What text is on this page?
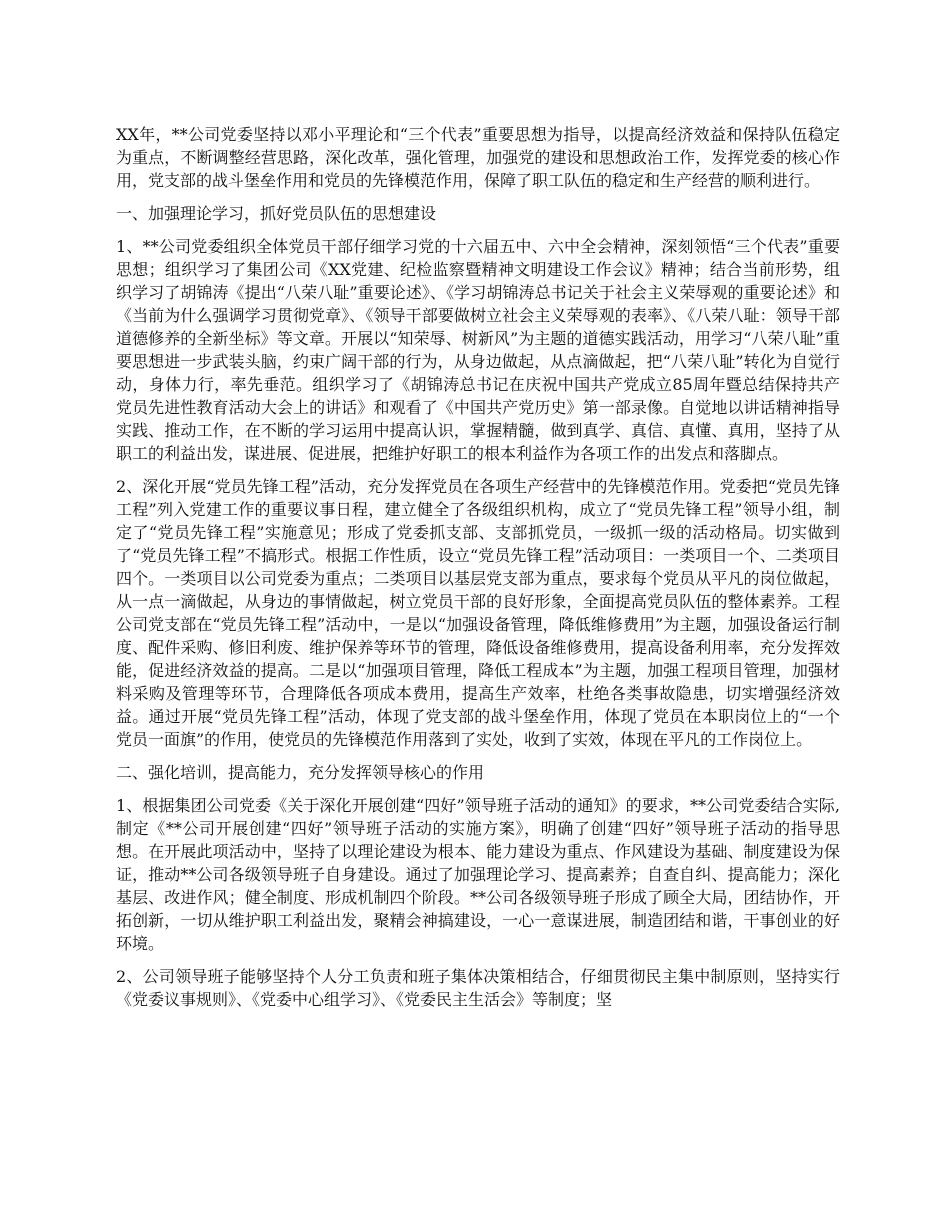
XX年，**公司党委坚持以邓小平理论和“三个代表”重要思想为指导，以提高经济效益和保持队伍稳定为重点，不断调整经营思路，深化改革，强化管理，加强党的建设和思想政治工作，发挥党委的核心作用，党支部的战斗堡垒作用和党员的先锋模范作用，保障了职工队伍的稳定和生产经营的顺利进行。

一、加强理论学习，抓好党员队伍的思想建设

1、**公司党委组织全体党员干部仔细学习党的十六届五中、六中全会精神，深刻领悟“三个代表”重要思想；组织学习了集团公司《XX党建、纪检监察暨精神文明建设工作会议》精神；结合当前形势，组织学习了胡锦涛《提出“八荣八耻”重要论述》、《学习胡锦涛总书记关于社会主义荣辱观的重要论述》和《当前为什么强调学习贯彻党章》、《领导干部要做树立社会主义荣辱观的表率》、《八荣八耻：领导干部道德修养的全新坐标》等文章。开展以“知荣辱、树新风”为主题的道德实践活动，用学习“八荣八耻”重要思想进一步武装头脑，约束广阔干部的行为，从身边做起，从点滴做起，把“八荣八耻”转化为自觉行动，身体力行，率先垂范。组织学习了《胡锦涛总书记在庆祝中国共产党成立85周年暨总结保持共产党员先进性教育活动大会上的讲话》和观看了《中国共产党历史》第一部录像。自觉地以讲话精神指导实践、推动工作，在不断的学习运用中提高认识，掌握精髓，做到真学、真信、真懂、真用，坚持了从职工的利益出发，谋进展、促进展，把维护好职工的根本利益作为各项工作的出发点和落脚点。

2、深化开展“党员先锋工程”活动，充分发挥党员在各项生产经营中的先锋模范作用。党委把“党员先锋工程”列入党建工作的重要议事日程，建立健全了各级组织机构，成立了“党员先锋工程”领导小组，制定了“党员先锋工程”实施意见；形成了党委抓支部、支部抓党员，一级抓一级的活动格局。切实做到了“党员先锋工程”不搞形式。根据工作性质，设立“党员先锋工程”活动项目：一类项目一个、二类项目四个。一类项目以公司党委为重点；二类项目以基层党支部为重点，要求每个党员从平凡的岗位做起，从一点一滴做起，从身边的事情做起，树立党员干部的良好形象，全面提高党员队伍的整体素养。工程公司党支部在“党员先锋工程”活动中，一是以“加强设备管理，降低维修费用”为主题，加强设备运行制度、配件采购、修旧利废、维护保养等环节的管理，降低设备维修费用，提高设备利用率，充分发挥效能，促进经济效益的提高。二是以“加强项目管理，降低工程成本”为主题，加强工程项目管理，加强材料采购及管理等环节，合理降低各项成本费用，提高生产效率，杜绝各类事故隐患，切实增强经济效益。通过开展“党员先锋工程”活动，体现了党支部的战斗堡垒作用，体现了党员在本职岗位上的“一个党员一面旗”的作用，使党员的先锋模范作用落到了实处，收到了实效，体现在平凡的工作岗位上。

二、强化培训，提高能力，充分发挥领导核心的作用

1、根据集团公司党委《关于深化开展创建“四好”领导班子活动的通知》的要求，**公司党委结合实际,制定《**公司开展创建“四好”领导班子活动的实施方案》，明确了创建“四好”领导班子活动的指导思想。在开展此项活动中，坚持了以理论建设为根本、能力建设为重点、作风建设为基础、制度建设为保证，推动**公司各级领导班子自身建设。通过了加强理论学习、提高素养；自查自纠、提高能力；深化基层、改进作风；健全制度、形成机制四个阶段。**公司各级领导班子形成了顾全大局，团结协作，开拓创新，一切从维护职工利益出发，聚精会神搞建设，一心一意谋进展，制造团结和谐，干事创业的好环境。

2、公司领导班子能够坚持个人分工负责和班子集体决策相结合，仔细贯彻民主集中制原则，坚持实行《党委议事规则》、《党委中心组学习》、《党委民主生活会》等制度；坚
